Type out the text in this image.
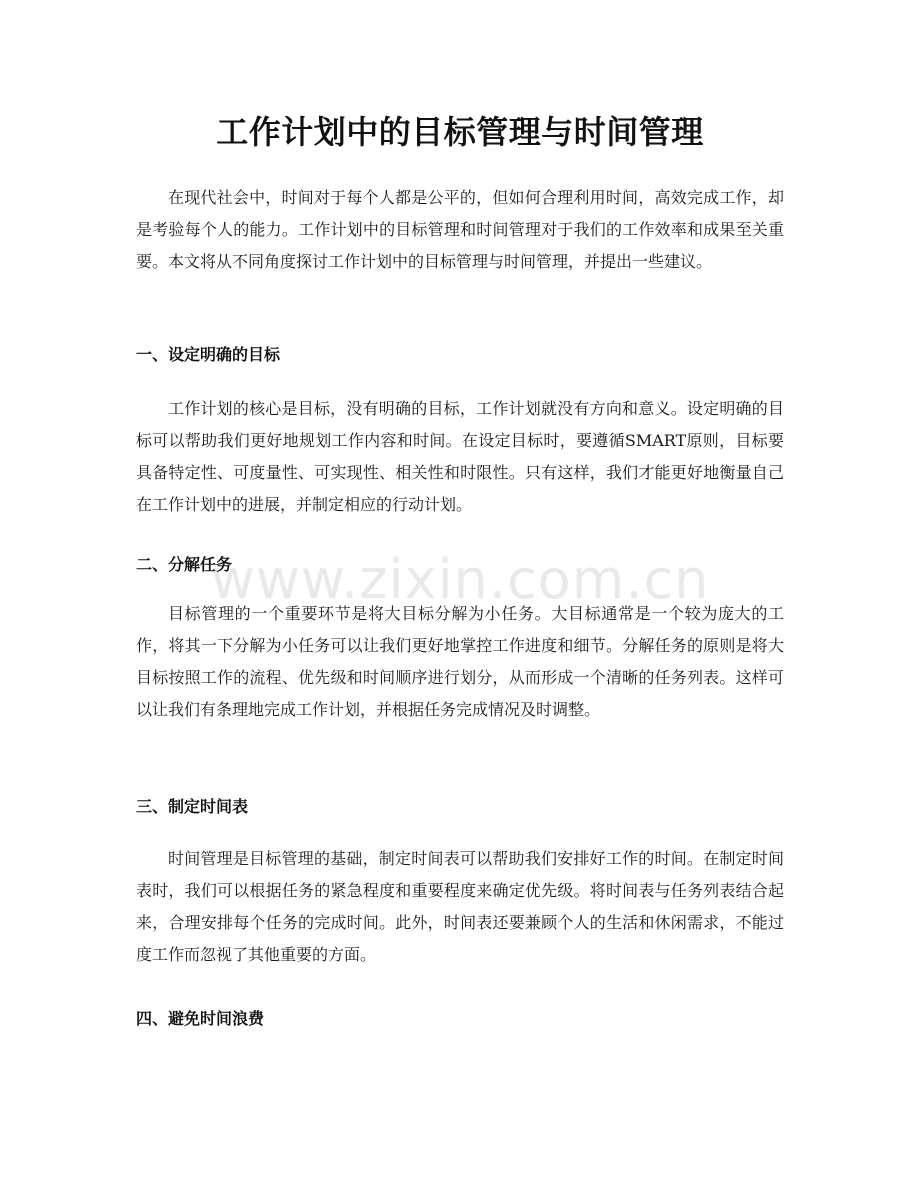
工作计划中的目标管理与时间管理

在现代社会中，时间对于每个人都是公平的，但如何合理利用时间，高效完成工作，却是考验每个人的能力。工作计划中的目标管理和时间管理对于我们的工作效率和成果至关重要。本文将从不同角度探讨工作计划中的目标管理与时间管理，并提出一些建议。

一、设定明确的目标

工作计划的核心是目标，没有明确的目标，工作计划就没有方向和意义。设定明确的目标可以帮助我们更好地规划工作内容和时间。在设定目标时，要遵循SMART原则，目标要具备特定性、可度量性、可实现性、相关性和时限性。只有这样，我们才能更好地衡量自己在工作计划中的进展，并制定相应的行动计划。

二、分解任务

目标管理的一个重要环节是将大目标分解为小任务。大目标通常是一个较为庞大的工作，将其一下分解为小任务可以让我们更好地掌控工作进度和细节。分解任务的原则是将大目标按照工作的流程、优先级和时间顺序进行划分，从而形成一个清晰的任务列表。这样可以让我们有条理地完成工作计划，并根据任务完成情况及时调整。

三、制定时间表

时间管理是目标管理的基础，制定时间表可以帮助我们安排好工作的时间。在制定时间表时，我们可以根据任务的紧急程度和重要程度来确定优先级。将时间表与任务列表结合起来，合理安排每个任务的完成时间。此外，时间表还要兼顾个人的生活和休闲需求，不能过度工作而忽视了其他重要的方面。

四、避免时间浪费
www.zixin.com.cn
